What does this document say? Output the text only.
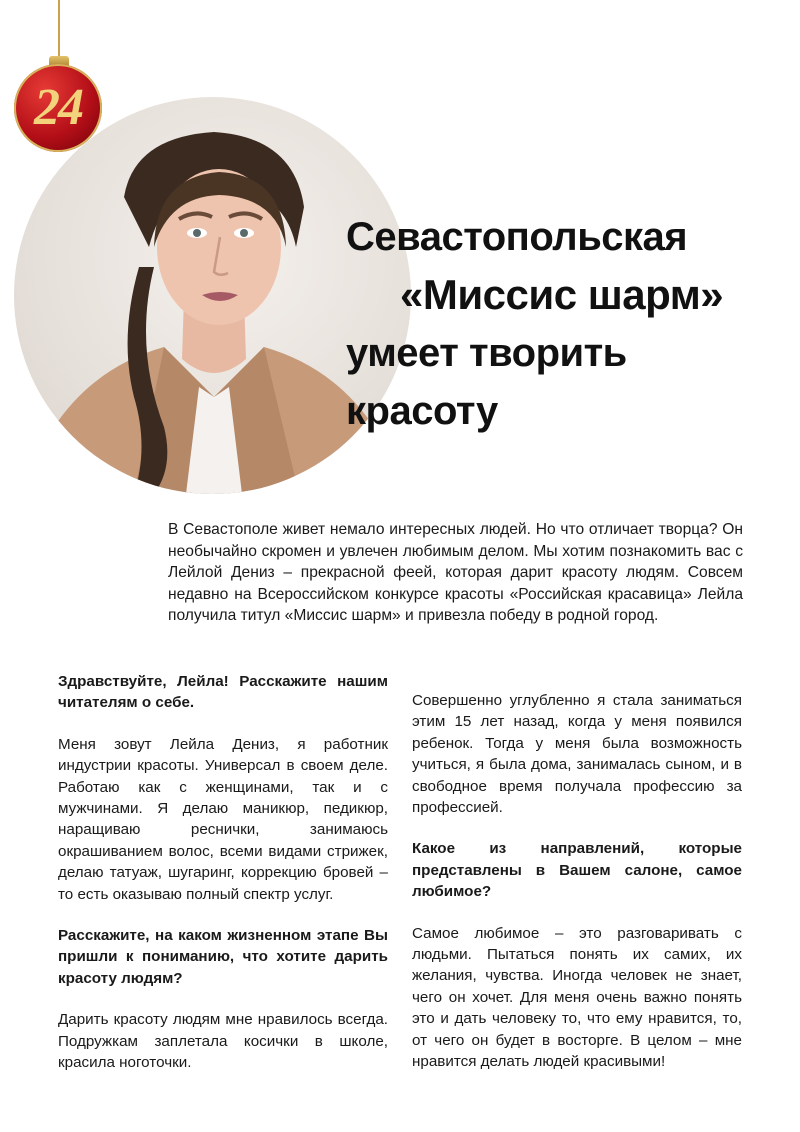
24
Севастопольская
«Миссис шарм»
умеет творить
красоту
В Севастополе живет немало интересных людей. Но что отличает творца? Он необычайно скромен и увлечен любимым делом. Мы хотим познакомить вас с Лейлой Дениз – прекрасной феей, которая дарит красоту людям. Совсем недавно на Всероссийском конкурсе красоты «Российская красавица» Лейла получила титул «Миссис шарм» и привезла победу в родной город.

Здравствуйте, Лейла! Расскажите нашим читателям о себе.

Меня зовут Лейла Дениз, я работник индустрии красоты. Универсал в своем деле. Работаю как с женщинами, так и с мужчинами. Я делаю маникюр, педикюр, наращиваю реснички, занимаюсь окрашиванием волос, всеми видами стрижек, делаю татуаж, шугаринг, коррекцию бровей – то есть оказываю полный спектр услуг.

Расскажите, на каком жизненном этапе Вы пришли к пониманию, что хотите дарить красоту людям?

Дарить красоту людям мне нравилось всегда. Подружкам заплетала косички в школе, красила ноготочки.

Совершенно углубленно я стала заниматься этим 15 лет назад, когда у меня появился ребенок. Тогда у меня была возможность учиться, я была дома, занималась сыном, и в свободное время получала профессию за профессией.

Какое из направлений, которые представлены в Вашем салоне, самое любимое?

Самое любимое – это разговаривать с людьми. Пытаться понять их самих, их желания, чувства. Иногда человек не знает, чего он хочет. Для меня очень важно понять это и дать человеку то, что ему нравится, то, от чего он будет в восторге. В целом – мне нравится делать людей красивыми!
